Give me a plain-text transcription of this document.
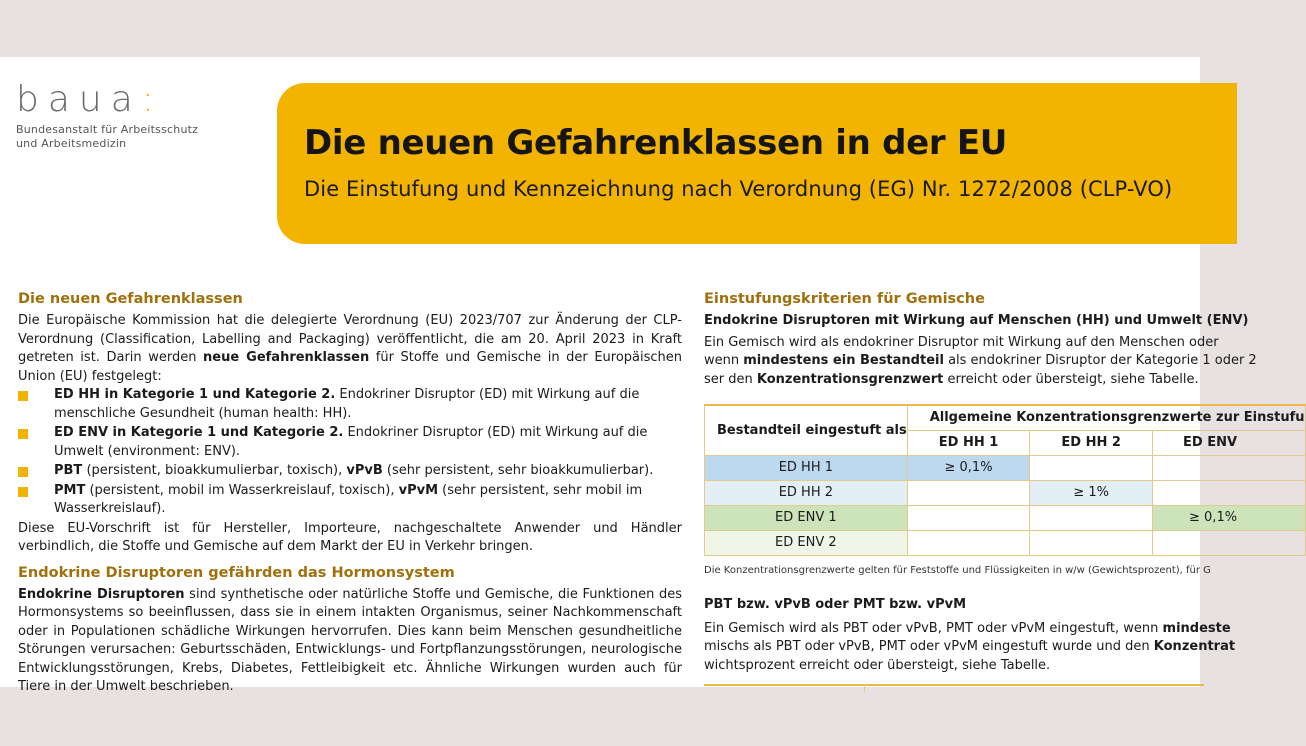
baua:
Bundesanstalt für Arbeitsschutz
und Arbeitsmedizin	Die neuen Gefahrenklassen in der EU
Die Einstufung und Kennzeichnung nach Verordnung (EG) Nr. 1272/2008 (CLP-VO)
Die neuen Gefahrenklassen

Die Europäische Kommission hat die delegierte Verordnung (EU) 2023/707 zur Änderung der CLP-Verordnung (Classification, Labelling and Packaging) veröffentlicht, die am 20. April 2023 in Kraft getreten ist. Darin werden neue Gefahrenklassen für Stoffe und Gemische in der Europäischen Union (EU) festgelegt:

ED HH in Kategorie 1 und Kategorie 2. Endokriner Disruptor (ED) mit Wirkung auf die menschliche Gesundheit (human health: HH).
ED ENV in Kategorie 1 und Kategorie 2. Endokriner Disruptor (ED) mit Wirkung auf die Umwelt (environment: ENV).
PBT (persistent, bioakkumulierbar, toxisch), vPvB (sehr persistent, sehr bioakkumulierbar).
PMT (persistent, mobil im Wasserkreislauf, toxisch), vPvM (sehr persistent, sehr mobil im Wasserkreislauf).

Diese EU-Vorschrift ist für Hersteller, Importeure, nachgeschaltete Anwender und Händler verbindlich, die Stoffe und Gemische auf dem Markt der EU in Verkehr bringen.

Endokrine Disruptoren gefährden das Hormonsystem

Endokrine Disruptoren sind synthetische oder natürliche Stoffe und Gemische, die Funktionen des Hormonsystems so beeinflussen, dass sie in einem intakten Organismus, seiner Nachkommenschaft oder in Populationen schädliche Wirkungen hervorrufen. Dies kann beim Menschen gesundheitliche Störungen verursachen: Geburtsschäden, Entwicklungs- und Fortpflanzungsstörungen, neurologische Entwicklungsstörungen, Krebs, Diabetes, Fettleibigkeit etc. Ähnliche Wirkungen wurden auch für Tiere in der Umwelt beschrieben.

Einstufungskriterien für Gemische
Endokrine Disruptoren mit Wirkung auf Menschen (HH) und Umwelt (ENV)
Ein Gemisch wird als endokriner Disruptor mit Wirkung auf den Menschen oder
wenn mindestens ein Bestandteil als endokriner Disruptor der Kategorie 1 oder 2
ser den Konzentrationsgrenzwert erreicht oder übersteigt, siehe Tabelle.
Bestandteil eingestuft als	Allgemeine Konzentrationsgrenzwerte zur Einstufu		
	ED HH 1	ED HH 2	ED ENV
ED HH 1	≥ 0,1%		
ED HH 2		≥ 1%	
ED ENV 1			≥ 0,1%
ED ENV 2			
Die Konzentrationsgrenzwerte gelten für Feststoffe und Flüssigkeiten in w/w (Gewichtsprozent), für G
PBT bzw. vPvB oder PMT bzw. vPvM
Ein Gemisch wird als PBT oder vPvB, PMT oder vPvM eingestuft, wenn mindeste
mischs als PBT oder vPvB, PMT oder vPvM eingestuft wurde und den Konzentrat
wichtsprozent erreicht oder übersteigt, siehe Tabelle.
